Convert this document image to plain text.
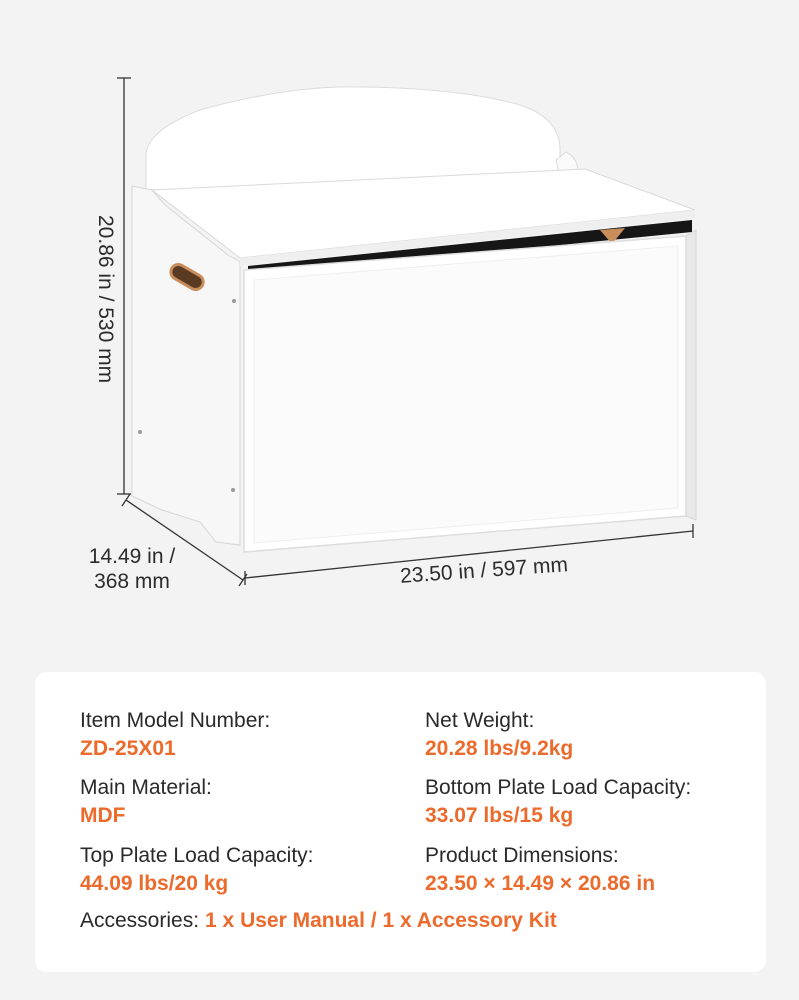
20.86 in / 530 mm
14.49 in /
368 mm	23.50 in / 597 mm
Item Model Number:
ZD-25X01
Net Weight:
20.28 lbs/9.2kg
Main Material:
MDF
Bottom Plate Load Capacity:
33.07 lbs/15 kg
Top Plate Load Capacity:
44.09 lbs/20 kg
Product Dimensions:
23.50 × 14.49 × 20.86 in
Accessories: 1 x User Manual / 1 x Accessory Kit
